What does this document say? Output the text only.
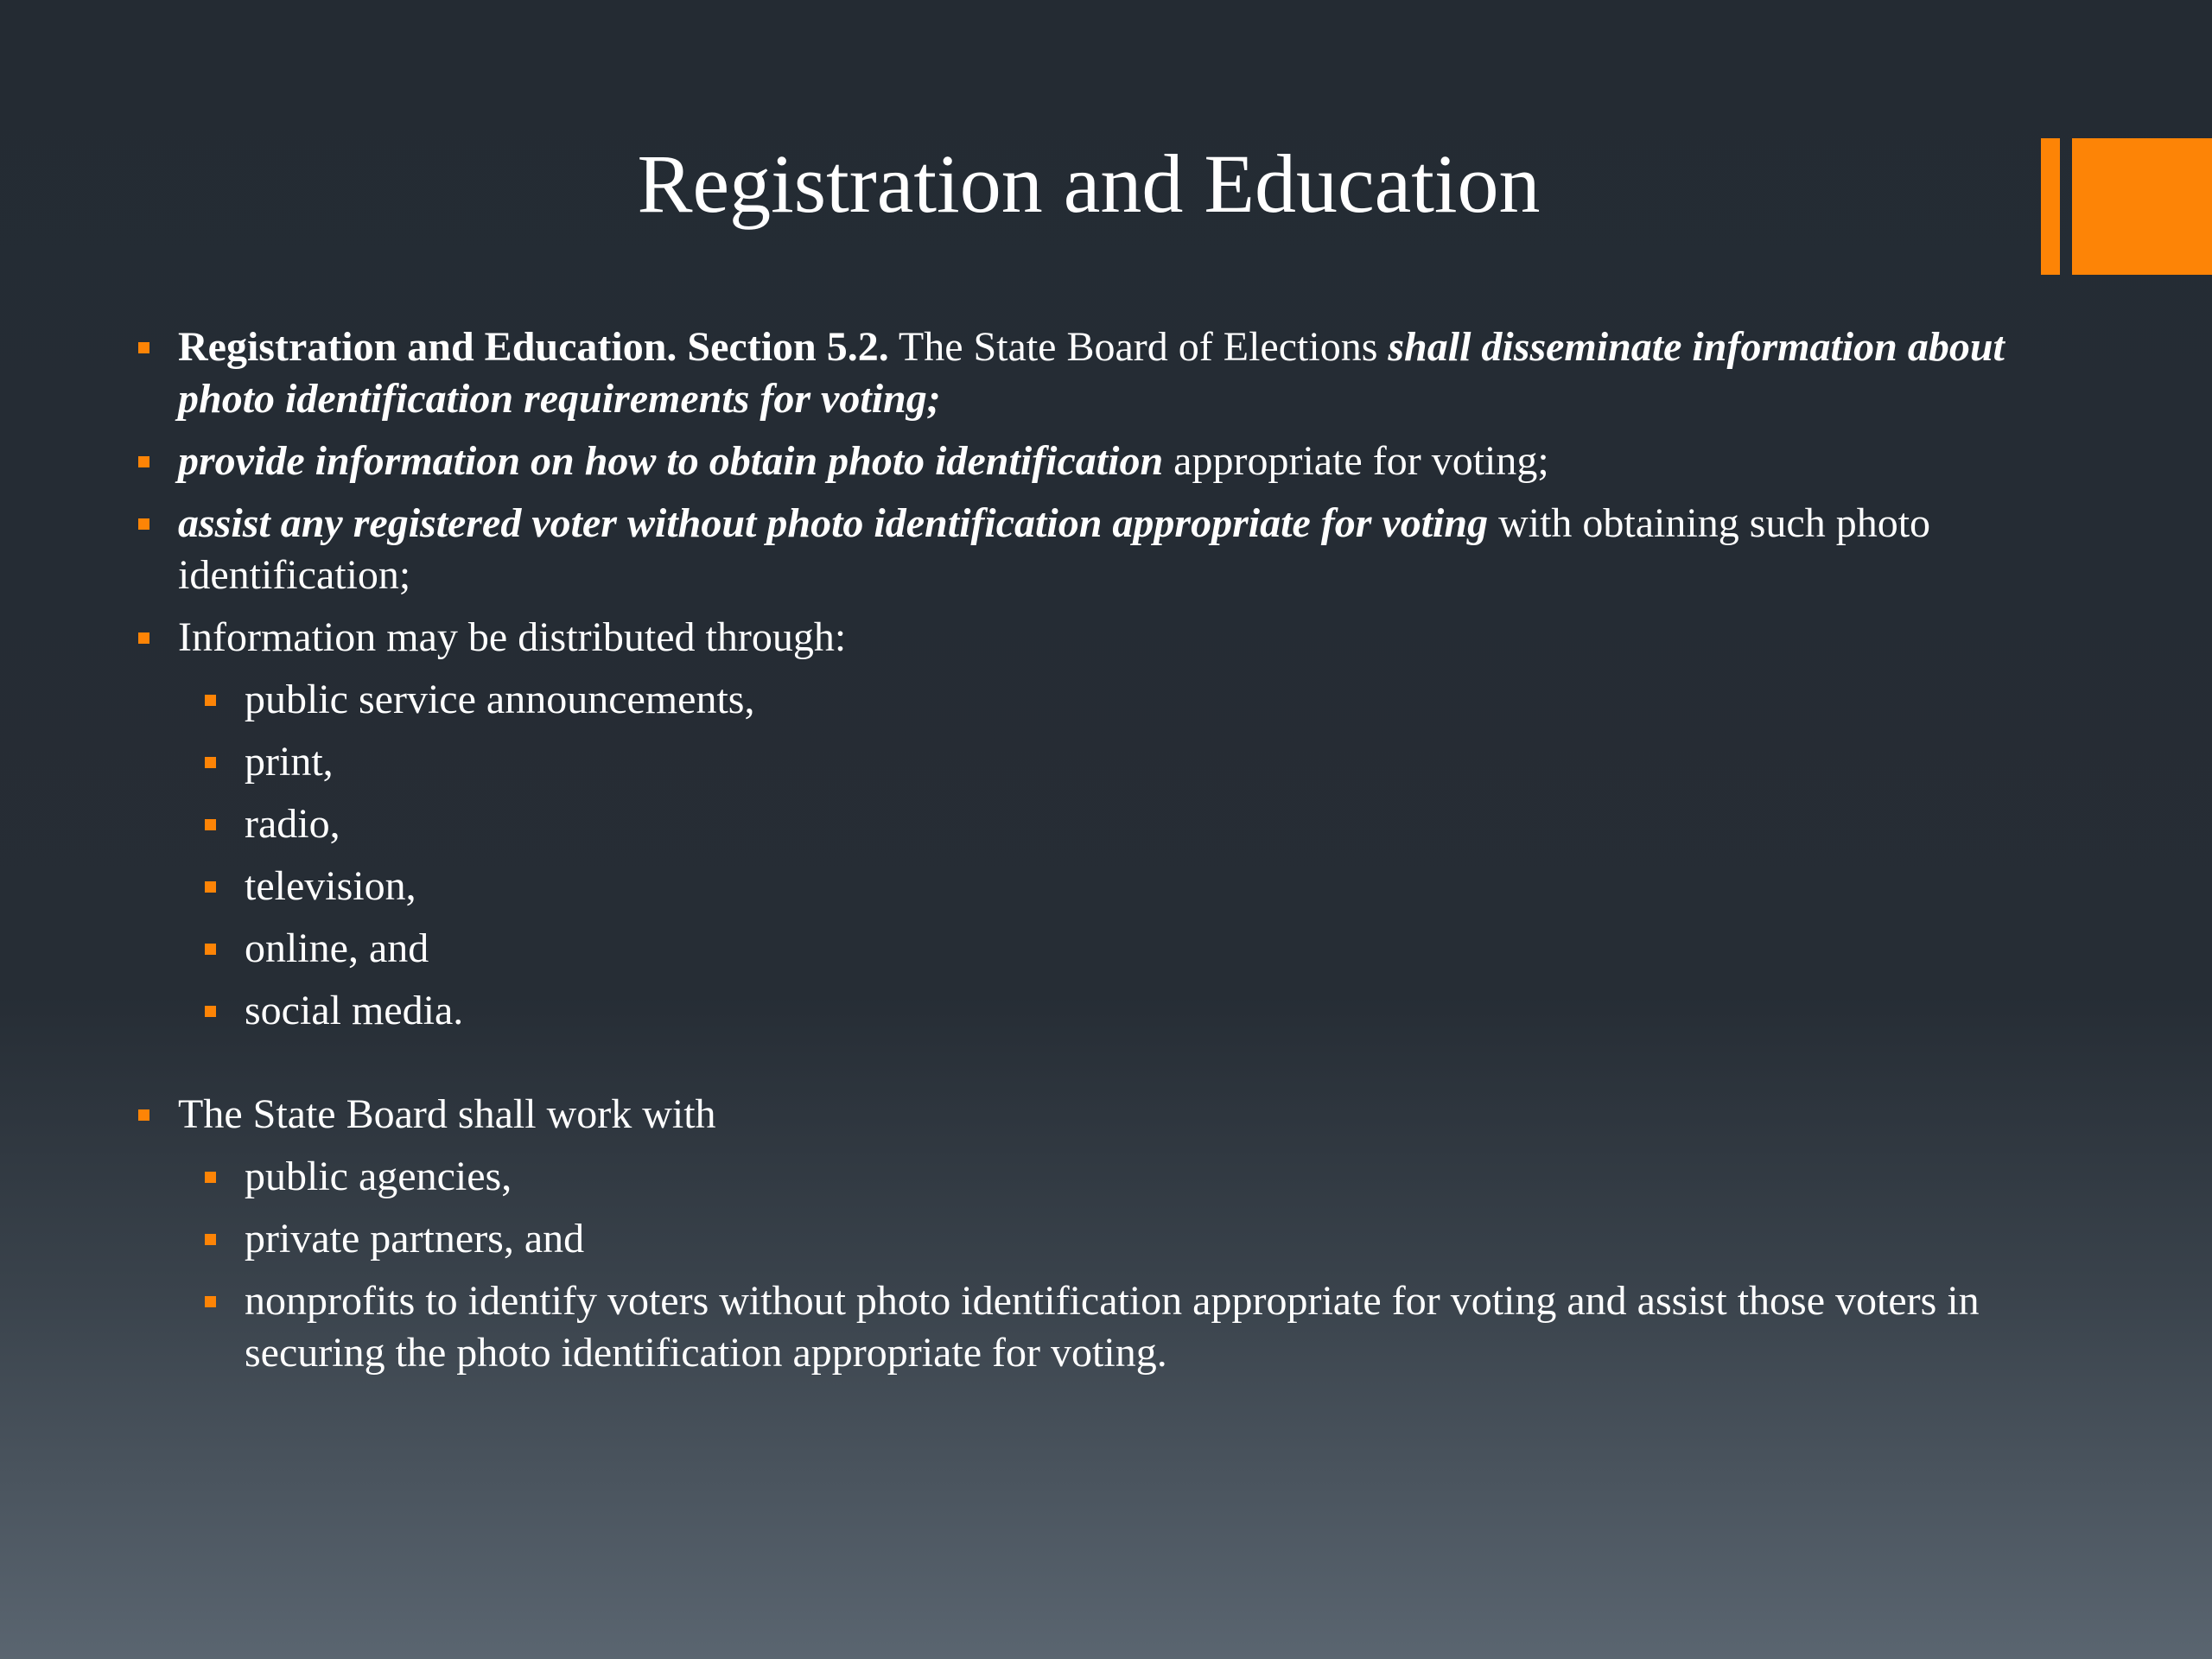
Registration and Education
Registration and Education. Section 5.2. The State Board of Elections shall disseminate information about photo identification requirements for voting;
provide information on how to obtain photo identification appropriate for voting;
assist any registered voter without photo identification appropriate for voting with obtaining such photo identification;
Information may be distributed through:
public service announcements,
print,
radio,
television,
online, and
social media.
The State Board shall work with
public agencies,
private partners, and
nonprofits to identify voters without photo identification appropriate for voting and assist those voters in securing the photo identification appropriate for voting.
